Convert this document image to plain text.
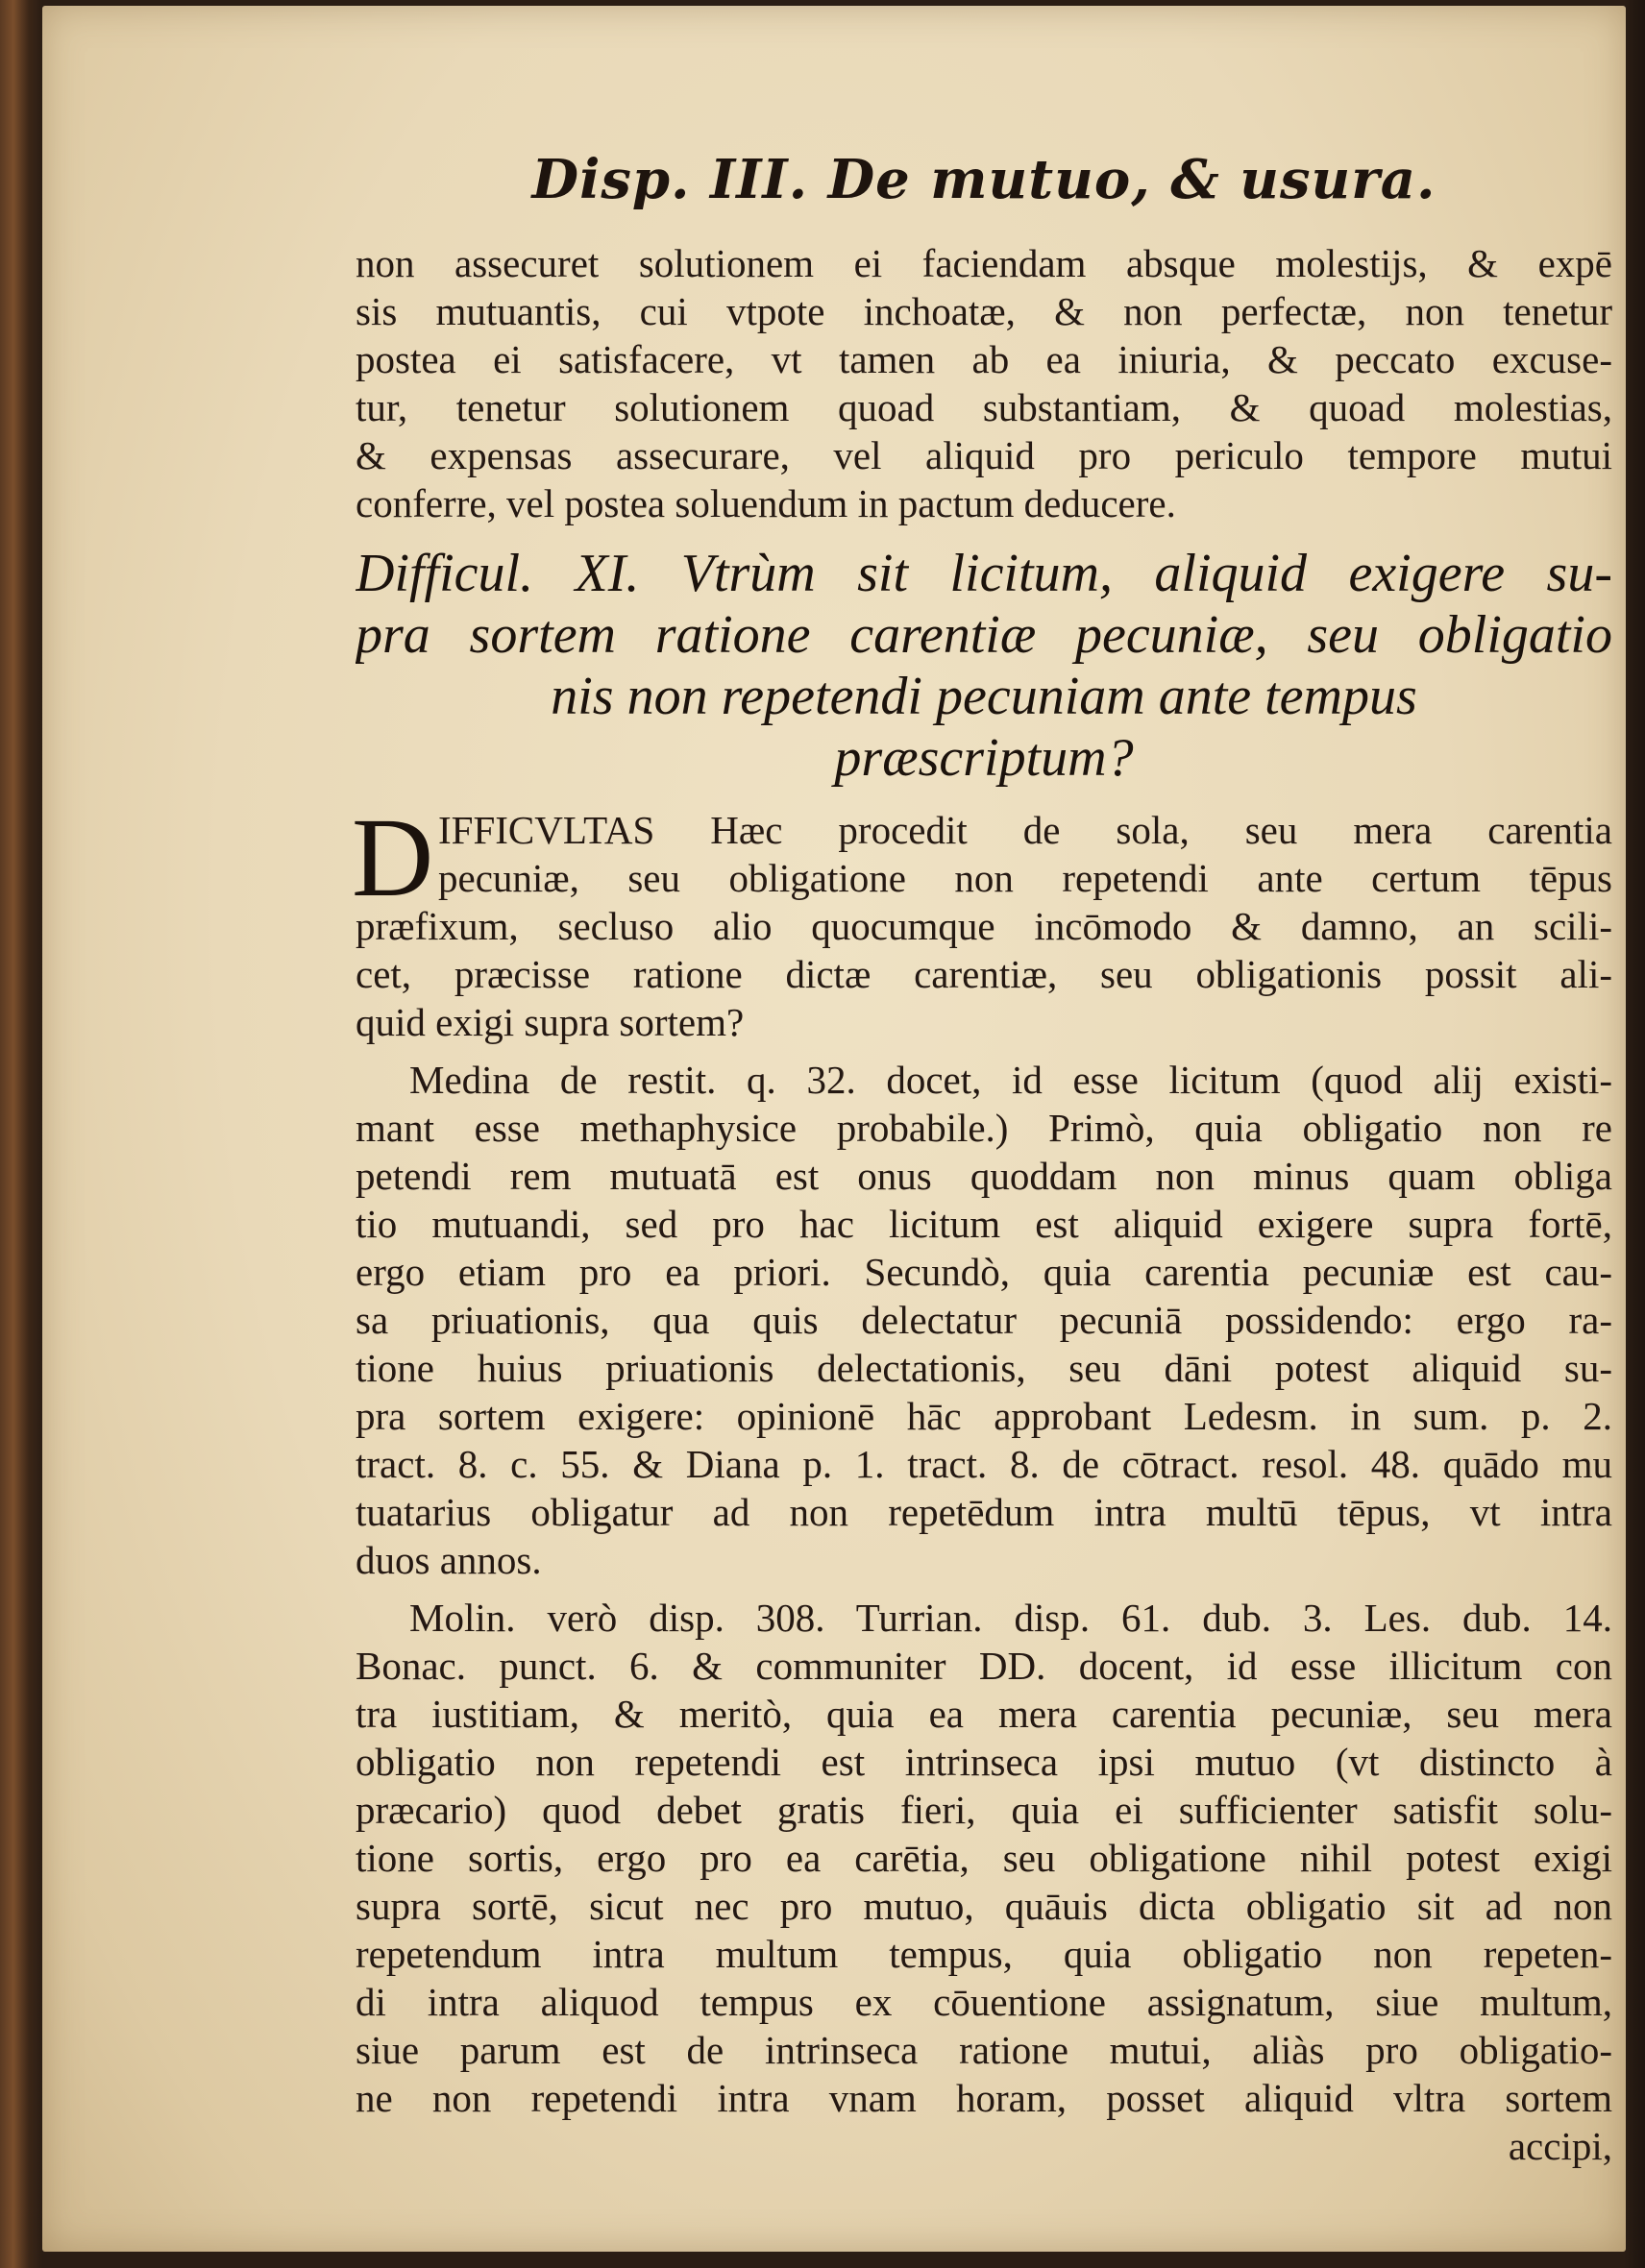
Disp. III. De mutuo, & usura.
non assecuret solutionem ei faciendam absque molestijs, & expē
sis mutuantis, cui vtpote inchoatæ, & non perfectæ, non tenetur
postea ei satisfacere, vt tamen ab ea iniuria, & peccato excuse-
tur, tenetur solutionem quoad substantiam, & quoad molestias,
& expensas assecurare, vel aliquid pro periculo tempore mutui
conferre, vel postea soluendum in pactum deducere.
Difficul. XI. Vtrùm sit licitum, aliquid exigere su-
pra sortem ratione carentiæ pecuniæ, seu obligatio
nis non repetendi pecuniam ante tempus
præscriptum?
D IFFICVLTAS Hæc procedit de sola, seu mera carentia
pecuniæ, seu obligatione non repetendi ante certum tēpus
præfixum, secluso alio quocumque incōmodo & damno, an scili-
cet, præcisse ratione dictæ carentiæ, seu obligationis possit ali-
quid exigi supra sortem?
Medina de restit. q. 32. docet, id esse licitum (quod alij existi-
mant esse methaphysice probabile.) Primò, quia obligatio non re
petendi rem mutuatā est onus quoddam non minus quam obliga
tio mutuandi, sed pro hac licitum est aliquid exigere supra fortē,
ergo etiam pro ea priori. Secundò, quia carentia pecuniæ est cau-
sa priuationis, qua quis delectatur pecuniā possidendo: ergo ra-
tione huius priuationis delectationis, seu dāni potest aliquid su-
pra sortem exigere: opinionē hāc approbant Ledesm. in sum. p. 2.
tract. 8. c. 55. & Diana p. 1. tract. 8. de cōtract. resol. 48. quādo mu
tuatarius obligatur ad non repetēdum intra multū tēpus, vt intra
duos annos.
Molin. verò disp. 308. Turrian. disp. 61. dub. 3. Les. dub. 14.
Bonac. punct. 6. & communiter DD. docent, id esse illicitum con
tra iustitiam, & meritò, quia ea mera carentia pecuniæ, seu mera
obligatio non repetendi est intrinseca ipsi mutuo (vt distincto à
præcario) quod debet gratis fieri, quia ei sufficienter satisfit solu-
tione sortis, ergo pro ea carētia, seu obligatione nihil potest exigi
supra sortē, sicut nec pro mutuo, quāuis dicta obligatio sit ad non
repetendum intra multum tempus, quia obligatio non repeten-
di intra aliquod tempus ex cōuentione assignatum, siue multum,
siue parum est de intrinseca ratione mutui, aliàs pro obligatio-
ne non repetendi intra vnam horam, posset aliquid vltra sortem
accipi,
